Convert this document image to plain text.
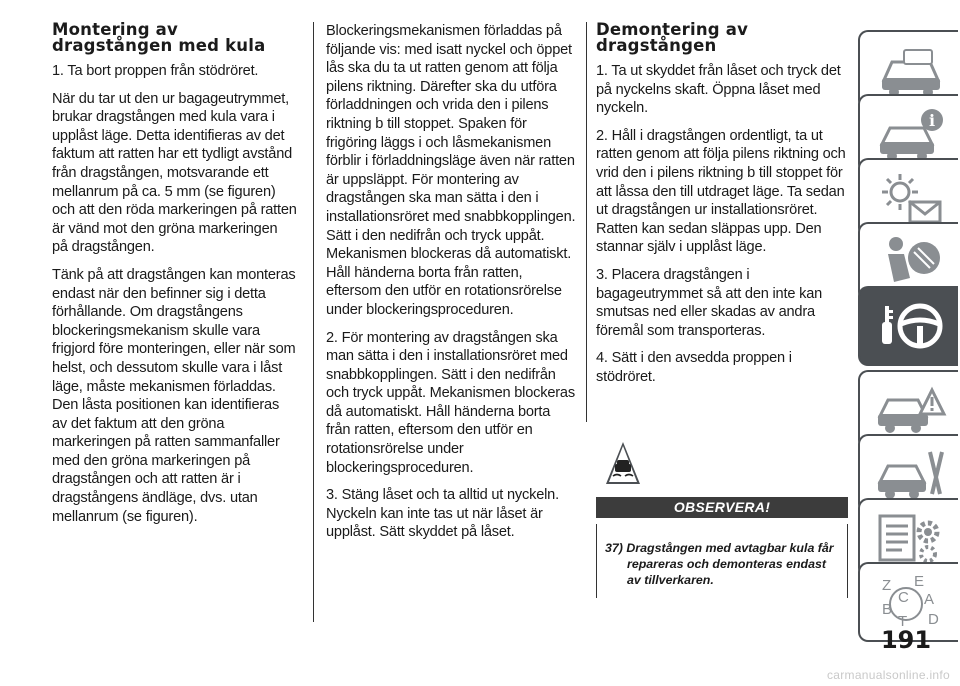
Montering av dragstången med kula

1. Ta bort proppen från stödröret.

När du tar ut den ur bagageutrymmet, brukar dragstången med kula vara i upplåst läge. Detta identifieras av det faktum att ratten har ett tydligt avstånd från dragstången, motsvarande ett mellanrum på ca. 5 mm (se figuren) och att den röda markeringen på ratten är vänd mot den gröna markeringen på dragstången.

Tänk på att dragstången kan monteras endast när den befinner sig i detta förhållande. Om dragstångens blockeringsmekanism skulle vara frigjord före monteringen, eller när som helst, och dessutom skulle vara i låst läge, måste mekanismen förladdas. Den låsta positionen kan identifieras av det faktum att den gröna markeringen på ratten sammanfaller med den gröna markeringen på dragstången och att ratten är i dragstångens ändläge, dvs. utan mellanrum (se figuren).

Blockeringsmekanismen förladdas på följande vis: med isatt nyckel och öppet lås ska du ta ut ratten genom att följa pilens riktning. Därefter ska du utföra förladdningen och vrida den i pilens riktning b till stoppet. Spaken för frigöring läggs i och låsmekanismen förblir i förladdningsläge även när ratten är uppsläppt. För montering av dragstången ska man sätta i den i installationsröret med snabbkopplingen. Sätt i den nedifrån och tryck uppåt. Mekanismen blockeras då automatiskt. Håll händerna borta från ratten, eftersom den utför en rotationsrörelse under blockeringsproceduren.

2. För montering av dragstången ska man sätta i den i installationsröret med snabbkopplingen. Sätt i den nedifrån och tryck uppåt. Mekanismen blockeras då automatiskt. Håll händerna borta från ratten, eftersom den utför en rotationsrörelse under blockeringsproceduren.

3. Stäng låset och ta alltid ut nyckeln. Nyckeln kan inte tas ut när låset är upplåst. Sätt skyddet på låset.

Demontering av dragstången

1. Ta ut skyddet från låset och tryck det på nyckelns skaft. Öppna låset med nyckeln.

2. Håll i dragstången ordentligt, ta ut ratten genom att följa pilens riktning och vrid den i pilens riktning b till stoppet för att låssa den till utdraget läge. Ta sedan ut dragstången ur installationsröret. Ratten kan sedan släppas upp. Den stannar själv i upplåst läge.

3. Placera dragstången i bagageutrymmet så att den inte kan smutsas ned eller skadas av andra föremål som transporteras.

4. Sätt i den avsedda proppen i stödröret.

OBSERVERA!
37) Dragstången med avtagbar kula får repareras och demonteras endast av tillverkaren.
i
Z E
A
B
C
T D
191
carmanualsonline.info
